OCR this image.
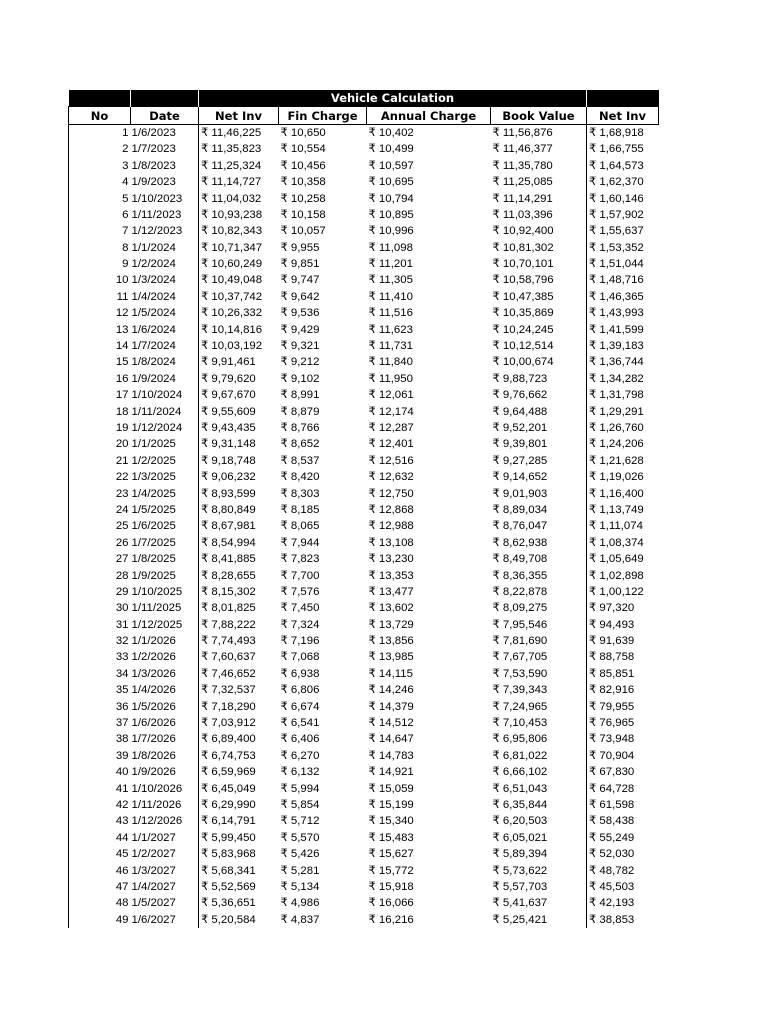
		Vehicle Calculation				
No	Date	Net Inv	Fin Charge	Annual Charge	Book Value	Net Inv
1	1/6/2023	₹ 11,46,225	₹ 10,650	₹ 10,402	₹ 11,56,876	₹ 1,68,918
2	1/7/2023	₹ 11,35,823	₹ 10,554	₹ 10,499	₹ 11,46,377	₹ 1,66,755
3	1/8/2023	₹ 11,25,324	₹ 10,456	₹ 10,597	₹ 11,35,780	₹ 1,64,573
4	1/9/2023	₹ 11,14,727	₹ 10,358	₹ 10,695	₹ 11,25,085	₹ 1,62,370
5	1/10/2023	₹ 11,04,032	₹ 10,258	₹ 10,794	₹ 11,14,291	₹ 1,60,146
6	1/11/2023	₹ 10,93,238	₹ 10,158	₹ 10,895	₹ 11,03,396	₹ 1,57,902
7	1/12/2023	₹ 10,82,343	₹ 10,057	₹ 10,996	₹ 10,92,400	₹ 1,55,637
8	1/1/2024	₹ 10,71,347	₹ 9,955	₹ 11,098	₹ 10,81,302	₹ 1,53,352
9	1/2/2024	₹ 10,60,249	₹ 9,851	₹ 11,201	₹ 10,70,101	₹ 1,51,044
10	1/3/2024	₹ 10,49,048	₹ 9,747	₹ 11,305	₹ 10,58,796	₹ 1,48,716
11	1/4/2024	₹ 10,37,742	₹ 9,642	₹ 11,410	₹ 10,47,385	₹ 1,46,365
12	1/5/2024	₹ 10,26,332	₹ 9,536	₹ 11,516	₹ 10,35,869	₹ 1,43,993
13	1/6/2024	₹ 10,14,816	₹ 9,429	₹ 11,623	₹ 10,24,245	₹ 1,41,599
14	1/7/2024	₹ 10,03,192	₹ 9,321	₹ 11,731	₹ 10,12,514	₹ 1,39,183
15	1/8/2024	₹ 9,91,461	₹ 9,212	₹ 11,840	₹ 10,00,674	₹ 1,36,744
16	1/9/2024	₹ 9,79,620	₹ 9,102	₹ 11,950	₹ 9,88,723	₹ 1,34,282
17	1/10/2024	₹ 9,67,670	₹ 8,991	₹ 12,061	₹ 9,76,662	₹ 1,31,798
18	1/11/2024	₹ 9,55,609	₹ 8,879	₹ 12,174	₹ 9,64,488	₹ 1,29,291
19	1/12/2024	₹ 9,43,435	₹ 8,766	₹ 12,287	₹ 9,52,201	₹ 1,26,760
20	1/1/2025	₹ 9,31,148	₹ 8,652	₹ 12,401	₹ 9,39,801	₹ 1,24,206
21	1/2/2025	₹ 9,18,748	₹ 8,537	₹ 12,516	₹ 9,27,285	₹ 1,21,628
22	1/3/2025	₹ 9,06,232	₹ 8,420	₹ 12,632	₹ 9,14,652	₹ 1,19,026
23	1/4/2025	₹ 8,93,599	₹ 8,303	₹ 12,750	₹ 9,01,903	₹ 1,16,400
24	1/5/2025	₹ 8,80,849	₹ 8,185	₹ 12,868	₹ 8,89,034	₹ 1,13,749
25	1/6/2025	₹ 8,67,981	₹ 8,065	₹ 12,988	₹ 8,76,047	₹ 1,11,074
26	1/7/2025	₹ 8,54,994	₹ 7,944	₹ 13,108	₹ 8,62,938	₹ 1,08,374
27	1/8/2025	₹ 8,41,885	₹ 7,823	₹ 13,230	₹ 8,49,708	₹ 1,05,649
28	1/9/2025	₹ 8,28,655	₹ 7,700	₹ 13,353	₹ 8,36,355	₹ 1,02,898
29	1/10/2025	₹ 8,15,302	₹ 7,576	₹ 13,477	₹ 8,22,878	₹ 1,00,122
30	1/11/2025	₹ 8,01,825	₹ 7,450	₹ 13,602	₹ 8,09,275	₹ 97,320
31	1/12/2025	₹ 7,88,222	₹ 7,324	₹ 13,729	₹ 7,95,546	₹ 94,493
32	1/1/2026	₹ 7,74,493	₹ 7,196	₹ 13,856	₹ 7,81,690	₹ 91,639
33	1/2/2026	₹ 7,60,637	₹ 7,068	₹ 13,985	₹ 7,67,705	₹ 88,758
34	1/3/2026	₹ 7,46,652	₹ 6,938	₹ 14,115	₹ 7,53,590	₹ 85,851
35	1/4/2026	₹ 7,32,537	₹ 6,806	₹ 14,246	₹ 7,39,343	₹ 82,916
36	1/5/2026	₹ 7,18,290	₹ 6,674	₹ 14,379	₹ 7,24,965	₹ 79,955
37	1/6/2026	₹ 7,03,912	₹ 6,541	₹ 14,512	₹ 7,10,453	₹ 76,965
38	1/7/2026	₹ 6,89,400	₹ 6,406	₹ 14,647	₹ 6,95,806	₹ 73,948
39	1/8/2026	₹ 6,74,753	₹ 6,270	₹ 14,783	₹ 6,81,022	₹ 70,904
40	1/9/2026	₹ 6,59,969	₹ 6,132	₹ 14,921	₹ 6,66,102	₹ 67,830
41	1/10/2026	₹ 6,45,049	₹ 5,994	₹ 15,059	₹ 6,51,043	₹ 64,728
42	1/11/2026	₹ 6,29,990	₹ 5,854	₹ 15,199	₹ 6,35,844	₹ 61,598
43	1/12/2026	₹ 6,14,791	₹ 5,712	₹ 15,340	₹ 6,20,503	₹ 58,438
44	1/1/2027	₹ 5,99,450	₹ 5,570	₹ 15,483	₹ 6,05,021	₹ 55,249
45	1/2/2027	₹ 5,83,968	₹ 5,426	₹ 15,627	₹ 5,89,394	₹ 52,030
46	1/3/2027	₹ 5,68,341	₹ 5,281	₹ 15,772	₹ 5,73,622	₹ 48,782
47	1/4/2027	₹ 5,52,569	₹ 5,134	₹ 15,918	₹ 5,57,703	₹ 45,503
48	1/5/2027	₹ 5,36,651	₹ 4,986	₹ 16,066	₹ 5,41,637	₹ 42,193
49	1/6/2027	₹ 5,20,584	₹ 4,837	₹ 16,216	₹ 5,25,421	₹ 38,853
